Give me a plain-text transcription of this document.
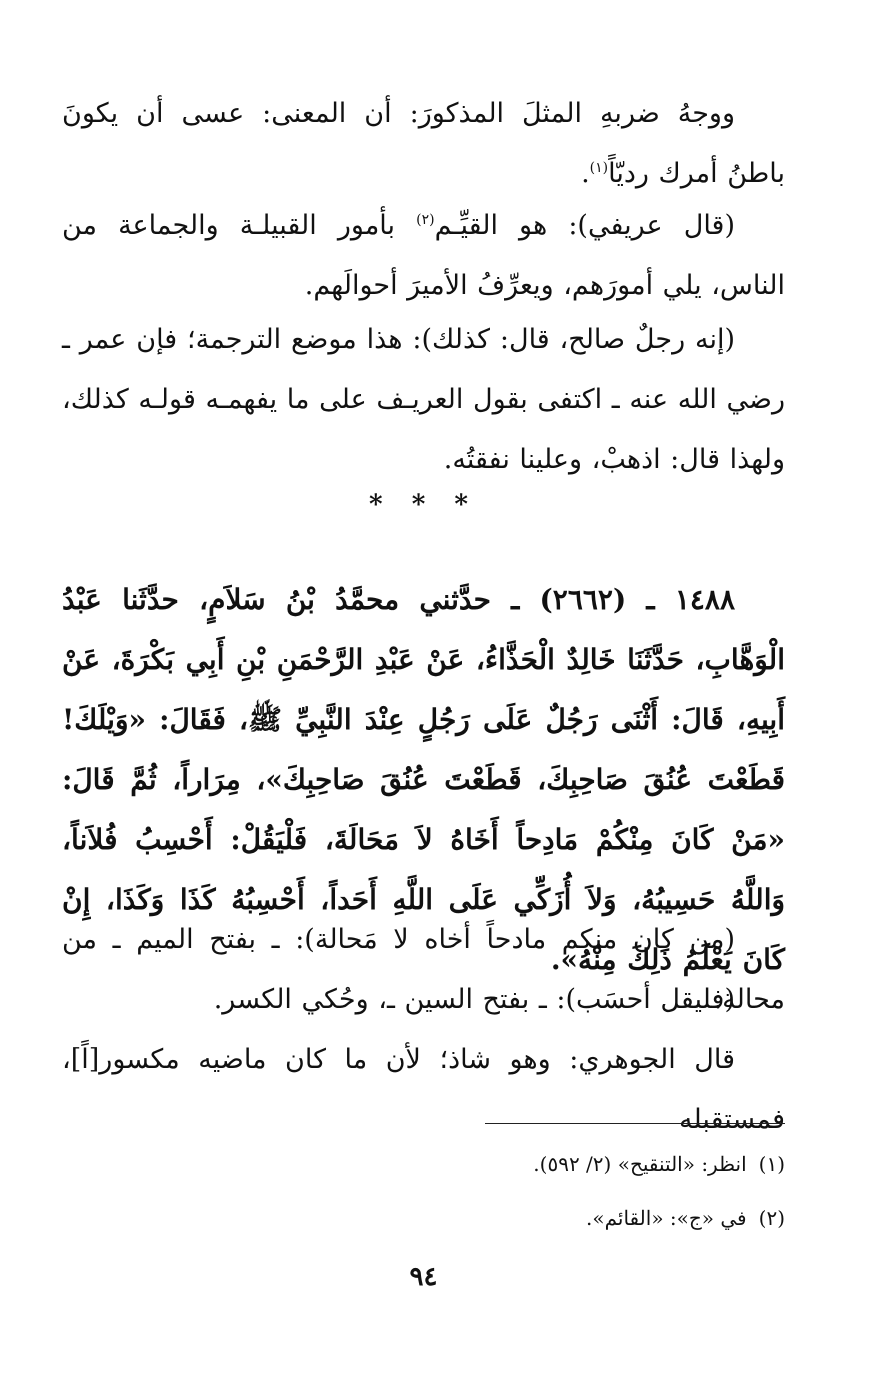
ووجهُ ضربهِ المثلَ المذكورَ: أن المعنى: عسى أن يكونَ باطنُ أمرك رديّاً$^{(١)}$.

(قال عريفي): هو القيِّـم$^{(٢)}$ بأمور القبيلـة والجماعة من الناس، يلي أمورَهم، ويعرِّفُ الأميرَ أحوالَهم.

(إنه رجلٌ صالح، قال: كذلك): هذا موضع الترجمة؛ فإن عمر ـ رضي الله عنه ـ اكتفى بقول العريـف على ما يفهمـه قولـه كذلك، ولهذا قال: اذهبْ، وعلينا نفقتُه.

* * *

١٤٨٨ ـ (٢٦٦٢) ـ حدَّثني محمَّدُ بْنُ سَلاَمٍ، حدَّثَنا عَبْدُ الْوَهَّابِ، حَدَّثَنَا خَالِدٌ الْحَذَّاءُ، عَنْ عَبْدِ الرَّحْمَنِ بْنِ أَبِي بَكْرَةَ، عَنْ أَبِيهِ، قَالَ: أَثْنَى رَجُلٌ عَلَى رَجُلٍ عِنْدَ النَّبِيِّ ﷺ، فَقَالَ: «وَيْلَكَ! قَطَعْتَ عُنُقَ صَاحِبِكَ، قَطَعْتَ عُنُقَ صَاحِبِكَ»، مِرَاراً، ثُمَّ قَالَ: «مَنْ كَانَ مِنْكُمْ مَادِحاً أَخَاهُ لاَ مَحَالَةَ، فَلْيَقُلْ: أَحْسِبُ فُلاَناً، وَاللَّهُ حَسِيبُهُ، وَلاَ أُزَكِّي عَلَى اللَّهِ أَحَداً، أَحْسِبُهُ كَذَا وَكَذَا، إِنْ كَانَ يَعْلَمُ ذَلِكَ مِنْهُ».

(من كان منكم مادحاً أخاه لا مَحالة): ـ بفتح الميم ـ من محالة.

(فليقل أحسَب): ـ بفتح السين ـ، وحُكي الكسر.

قال الجوهري: وهو شاذ؛ لأن ما كان ماضيه مكسور[اً]، فمستقبله

(١)انظر: «التنقيح» (٢/ ٥٩٢).
(٢)في «ج»: «القائم».
٩٤
